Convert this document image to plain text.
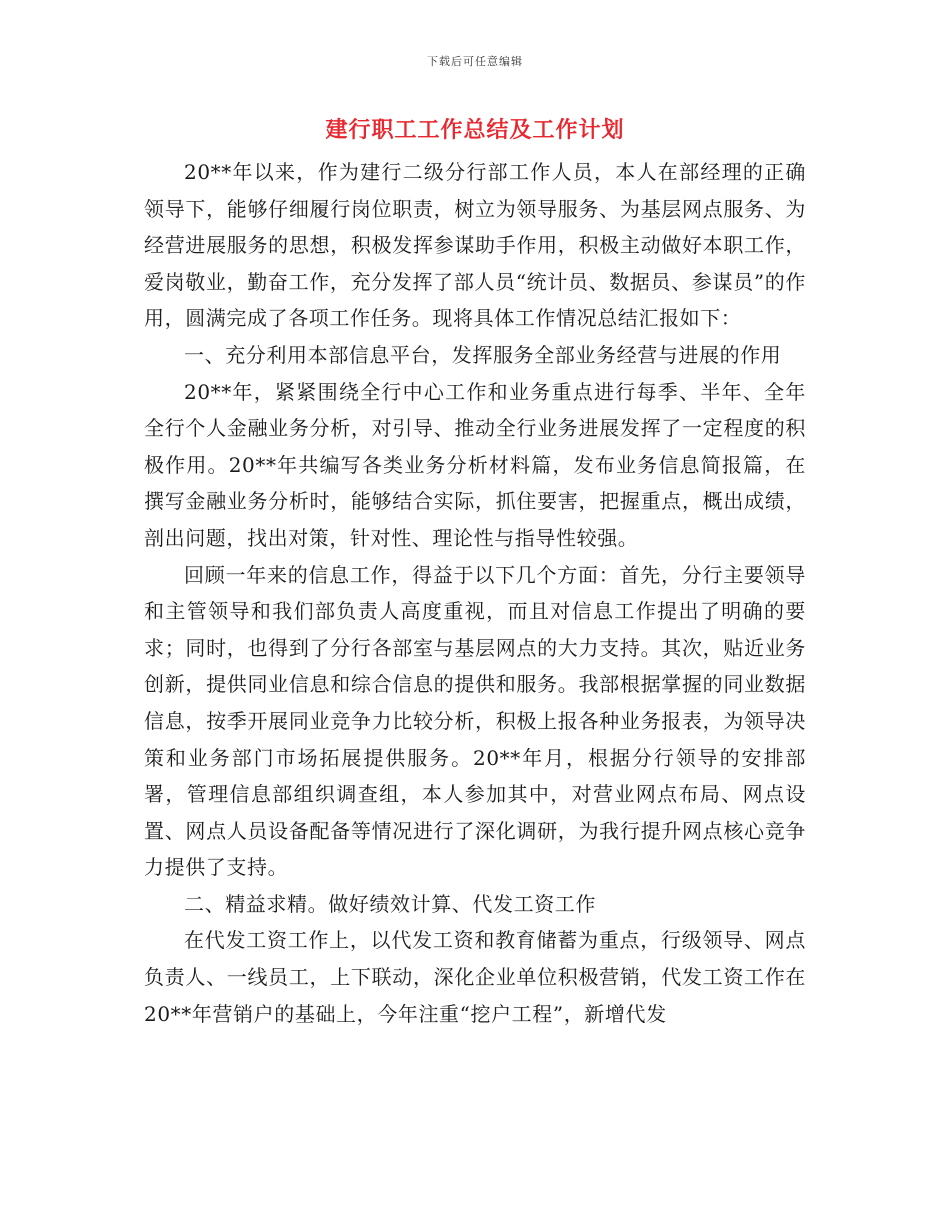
下载后可任意编辑
建行职工工作总结及工作计划

20**年以来，作为建行二级分行部工作人员，本人在部经理的正确领导下，能够仔细履行岗位职责，树立为领导服务、为基层网点服务、为经营进展服务的思想，积极发挥参谋助手作用，积极主动做好本职工作，爱岗敬业，勤奋工作，充分发挥了部人员“统计员、数据员、参谋员”的作用，圆满完成了各项工作任务。现将具体工作情况总结汇报如下：

一、充分利用本部信息平台，发挥服务全部业务经营与进展的作用

20**年，紧紧围绕全行中心工作和业务重点进行每季、半年、全年全行个人金融业务分析，对引导、推动全行业务进展发挥了一定程度的积极作用。20**年共编写各类业务分析材料篇，发布业务信息简报篇，在撰写金融业务分析时，能够结合实际，抓住要害，把握重点，概出成绩，剖出问题，找出对策，针对性、理论性与指导性较强。

回顾一年来的信息工作，得益于以下几个方面：首先，分行主要领导和主管领导和我们部负责人高度重视，而且对信息工作提出了明确的要求；同时，也得到了分行各部室与基层网点的大力支持。其次，贴近业务创新，提供同业信息和综合信息的提供和服务。我部根据掌握的同业数据信息，按季开展同业竞争力比较分析，积极上报各种业务报表，为领导决策和业务部门市场拓展提供服务。20**年月，根据分行领导的安排部署，管理信息部组织调查组，本人参加其中，对营业网点布局、网点设置、网点人员设备配备等情况进行了深化调研，为我行提升网点核心竞争力提供了支持。

二、精益求精。做好绩效计算、代发工资工作

在代发工资工作上，以代发工资和教育储蓄为重点，行级领导、网点负责人、一线员工，上下联动，深化企业单位积极营销，代发工资工作在20**年营销户的基础上，今年注重“挖户工程”，新增代发
